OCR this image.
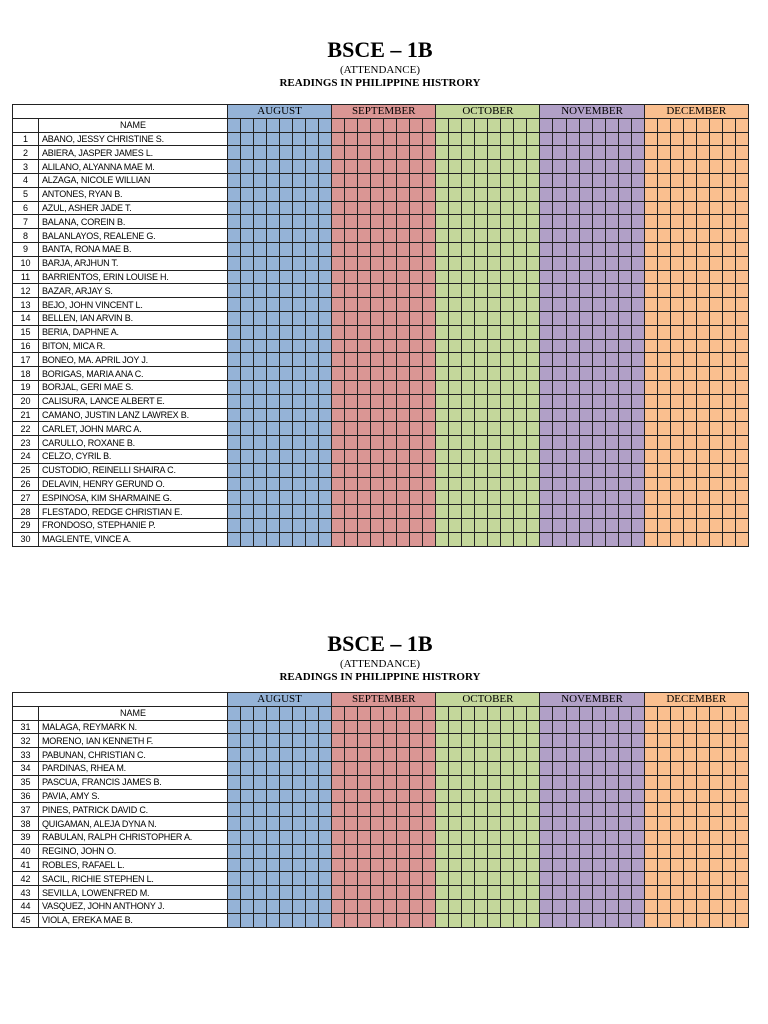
BSCE – 1B
(ATTENDANCE)
READINGS IN PHILIPPINE HISTRORY
		AUGUST								SEPTEMBER								OCTOBER								NOVEMBER								DECEMBER							
	NAME																																								
1	ABANO, JESSY CHRISTINE S.																																								
2	ABIERA, JASPER JAMES L.																																								
3	ALILANO, ALYANNA MAE M.																																								
4	ALZAGA, NICOLE WILLIAN																																								
5	ANTONES, RYAN B.																																								
6	AZUL, ASHER JADE T.																																								
7	BALANA, COREIN B.																																								
8	BALANLAYOS, REALENE G.																																								
9	BANTA, RONA MAE B.																																								
10	BARJA, ARJHUN T.																																								
11	BARRIENTOS, ERIN LOUISE H.																																								
12	BAZAR, ARJAY S.																																								
13	BEJO, JOHN VINCENT L.																																								
14	BELLEN, IAN ARVIN B.																																								
15	BERIA, DAPHNE A.																																								
16	BITON, MICA R.																																								
17	BONEO, MA. APRIL JOY J.																																								
18	BORIGAS, MARIA ANA C.																																								
19	BORJAL, GERI MAE S.																																								
20	CALISURA, LANCE ALBERT E.																																								
21	CAMANO, JUSTIN LANZ LAWREX B.																																								
22	CARLET, JOHN MARC A.																																								
23	CARULLO, ROXANE B.																																								
24	CELZO, CYRIL B.																																								
25	CUSTODIO, REINELLI SHAIRA C.																																								
26	DELAVIN, HENRY GERUND O.																																								
27	ESPINOSA, KIM SHARMAINE G.																																								
28	FLESTADO, REDGE CHRISTIAN E.																																								
29	FRONDOSO, STEPHANIE P.																																								
30	MAGLENTE, VINCE A.																																								
BSCE – 1B
(ATTENDANCE)
READINGS IN PHILIPPINE HISTRORY
		AUGUST								SEPTEMBER								OCTOBER								NOVEMBER								DECEMBER							
	NAME																																								
31	MALAGA, REYMARK N.																																								
32	MORENO, IAN KENNETH F.																																								
33	PABUNAN, CHRISTIAN C.																																								
34	PARDINAS, RHEA M.																																								
35	PASCUA, FRANCIS JAMES B.																																								
36	PAVIA, AMY S.																																								
37	PINES, PATRICK DAVID C.																																								
38	QUIGAMAN, ALEJA DYNA N.																																								
39	RABULAN, RALPH CHRISTOPHER A.																																								
40	REGINO, JOHN O.																																								
41	ROBLES, RAFAEL L.																																								
42	SACIL, RICHIE STEPHEN L.																																								
43	SEVILLA, LOWENFRED M.																																								
44	VASQUEZ, JOHN ANTHONY J.																																								
45	VIOLA, EREKA MAE B.																																								
